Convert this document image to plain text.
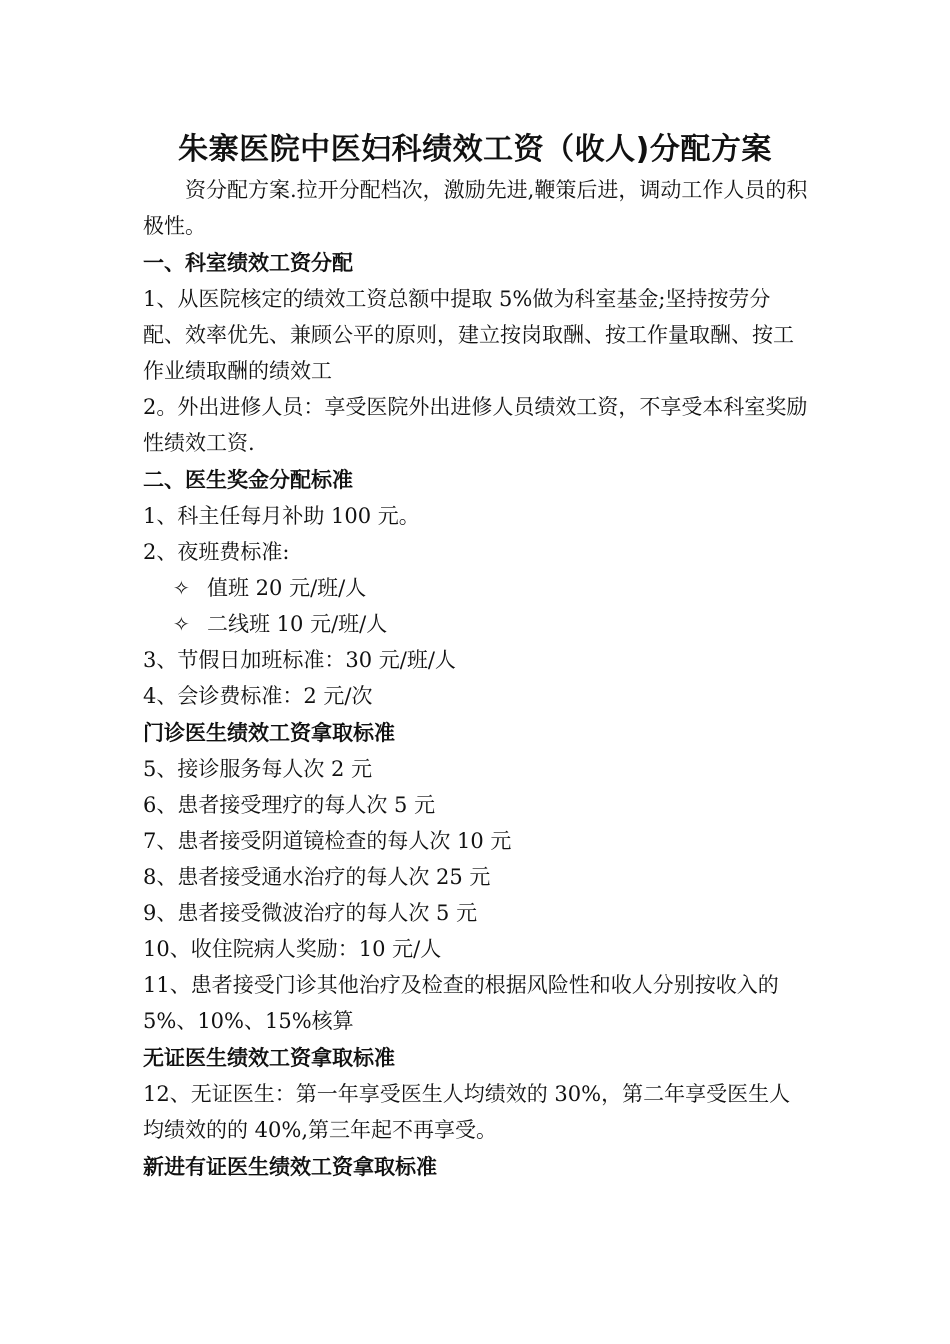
朱寨医院中医妇科绩效工资（收人)分配方案

资分配方案.拉开分配档次，激励先进,鞭策后进，调动工作人员的积极性。

一、科室绩效工资分配

1、从医院核定的绩效工资总额中提取 5%做为科室基金;坚持按劳分配、效率优先、兼顾公平的原则，建立按岗取酬、按工作量取酬、按工作业绩取酬的绩效工

2。外出进修人员：享受医院外出进修人员绩效工资，不享受本科室奖励性绩效工资.

二、医生奖金分配标准

1、科主任每月补助 100 元。

2、夜班费标准:

✧ 值班 20 元/班/人
✧ 二线班 10 元/班/人

3、节假日加班标准：30 元/班/人

4、会诊费标准：2 元/次

门诊医生绩效工资拿取标准

5、接诊服务每人次 2 元

6、患者接受理疗的每人次 5 元

7、患者接受阴道镜检查的每人次 10 元

8、患者接受通水治疗的每人次 25 元

9、患者接受微波治疗的每人次 5 元

10、收住院病人奖励：10 元/人

11、患者接受门诊其他治疗及检查的根据风险性和收人分别按收入的 5%、10%、15%核算

无证医生绩效工资拿取标准

12、无证医生：第一年享受医生人均绩效的 30%，第二年享受医生人均绩效的的 40%,第三年起不再享受。

新进有证医生绩效工资拿取标准
